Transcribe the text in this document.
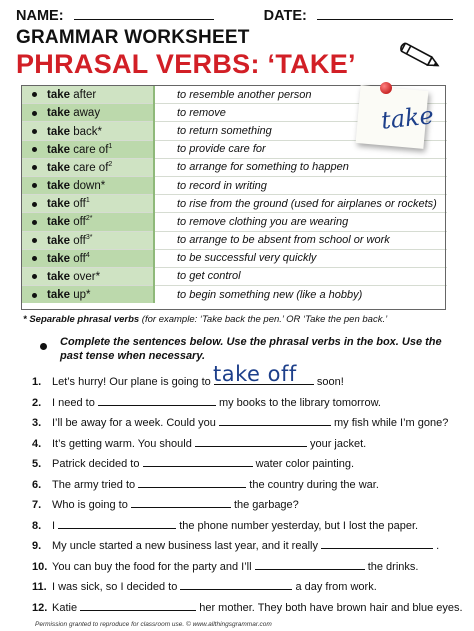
NAME:	DATE:
GRAMMAR WORKSHEET
PHRASAL VERBS: ‘TAKE’
take after	to resemble another person
take away	to remove
take back*	to return something
take care $of^1$	to provide care for
take care $of^2$	to arrange for something to happen
take down*	to record in writing
take off$^1$	to rise from the ground (used for airplanes or rockets)
take off$^{2*}$	to remove clothing you are wearing
take off$^{3*}$	to arrange to be absent from school or work
take off$^4$	to be successful very quickly
take over*	to get control
take up*	to begin something new (like a hobby)
take
* Separable phrasal verbs (for example: ‘Take back the pen.’ OR ‘Take the pen back.’
Complete the sentences below. Use the phrasal verbs in the box. Use the past tense when necessary.
take off
1. Let’s hurry! Our plane is going to	soon!
2. I need to	my books to the library tomorrow.
3. I’ll be away for a week. Could you	my fish while I’m gone?
4. It’s getting warm. You should	your jacket.
5. Patrick decided to	water color painting.
6. The army tried to	the country during the war.
7. Who is going to	the garbage?
8. I	the phone number yesterday, but I lost the paper.
9. My uncle started a new business last year, and it really	.
10. You can buy the food for the party and I’ll	the drinks.
11. I was sick, so I decided to	a day from work.
12. Katie	her mother. They both have brown hair and blue eyes.
Permission granted to reproduce for classroom use. © www.allthingsgrammar.com
